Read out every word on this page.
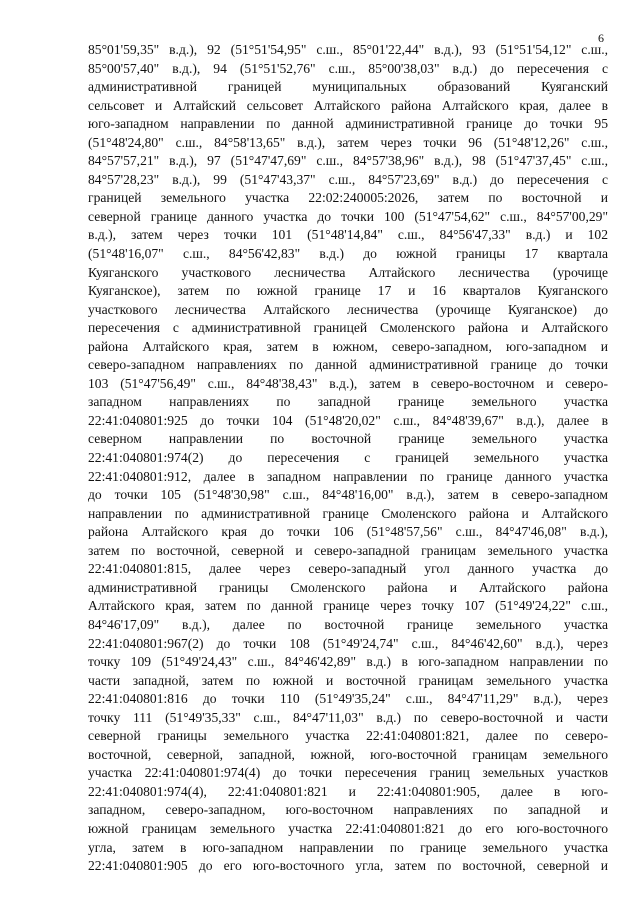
6
85°01'59,35" в.д.), 92 (51°51'54,95" с.ш., 85°01'22,44" в.д.), 93 (51°51'54,12" с.ш.,
85°00'57,40" в.д.), 94 (51°51'52,76" с.ш., 85°00'38,03" в.д.) до пересечения с
административной границей муниципальных образований Куяганский
сельсовет и Алтайский сельсовет Алтайского района Алтайского края, далее в
юго-западном направлении по данной административной границе до точки 95
(51°48'24,80" с.ш., 84°58'13,65" в.д.), затем через точки 96 (51°48'12,26" с.ш.,
84°57'57,21" в.д.), 97 (51°47'47,69" с.ш., 84°57'38,96" в.д.), 98 (51°47'37,45" с.ш.,
84°57'28,23" в.д.), 99 (51°47'43,37" с.ш., 84°57'23,69" в.д.) до пересечения с
границей земельного участка 22:02:240005:2026, затем по восточной и
северной границе данного участка до точки 100 (51°47'54,62" с.ш., 84°57'00,29"
в.д.), затем через точки 101 (51°48'14,84" с.ш., 84°56'47,33" в.д.) и 102
(51°48'16,07" с.ш., 84°56'42,83" в.д.) до южной границы 17 квартала
Куяганского участкового лесничества Алтайского лесничества (урочище
Куяганское), затем по южной границе 17 и 16 кварталов Куяганского
участкового лесничества Алтайского лесничества (урочище Куяганское) до
пересечения с административной границей Смоленского района и Алтайского
района Алтайского края, затем в южном, северо-западном, юго-западном и
северо-западном направлениях по данной административной границе до точки
103 (51°47'56,49" с.ш., 84°48'38,43" в.д.), затем в северо-восточном и северо-
западном направлениях по западной границе земельного участка
22:41:040801:925 до точки 104 (51°48'20,02" с.ш., 84°48'39,67" в.д.), далее в
северном направлении по восточной границе земельного участка
22:41:040801:974(2) до пересечения с границей земельного участка
22:41:040801:912, далее в западном направлении по границе данного участка
до точки 105 (51°48'30,98" с.ш., 84°48'16,00" в.д.), затем в северо-западном
направлении по административной границе Смоленского района и Алтайского
района Алтайского края до точки 106 (51°48'57,56" с.ш., 84°47'46,08" в.д.),
затем по восточной, северной и северо-западной границам земельного участка
22:41:040801:815, далее через северо-западный угол данного участка до
административной границы Смоленского района и Алтайского района
Алтайского края, затем по данной границе через точку 107 (51°49'24,22" с.ш.,
84°46'17,09" в.д.), далее по восточной границе земельного участка
22:41:040801:967(2) до точки 108 (51°49'24,74" с.ш., 84°46'42,60" в.д.), через
точку 109 (51°49'24,43" с.ш., 84°46'42,89" в.д.) в юго-западном направлении по
части западной, затем по южной и восточной границам земельного участка
22:41:040801:816 до точки 110 (51°49'35,24" с.ш., 84°47'11,29" в.д.), через
точку 111 (51°49'35,33" с.ш., 84°47'11,03" в.д.) по северо-восточной и части
северной границы земельного участка 22:41:040801:821, далее по северо-
восточной, северной, западной, южной, юго-восточной границам земельного
участка 22:41:040801:974(4) до точки пересечения границ земельных участков
22:41:040801:974(4), 22:41:040801:821 и 22:41:040801:905, далее в юго-
западном, северо-западном, юго-восточном направлениях по западной и
южной границам земельного участка 22:41:040801:821 до его юго-восточного
угла, затем в юго-западном направлении по границе земельного участка
22:41:040801:905 до его юго-восточного угла, затем по восточной, северной и
